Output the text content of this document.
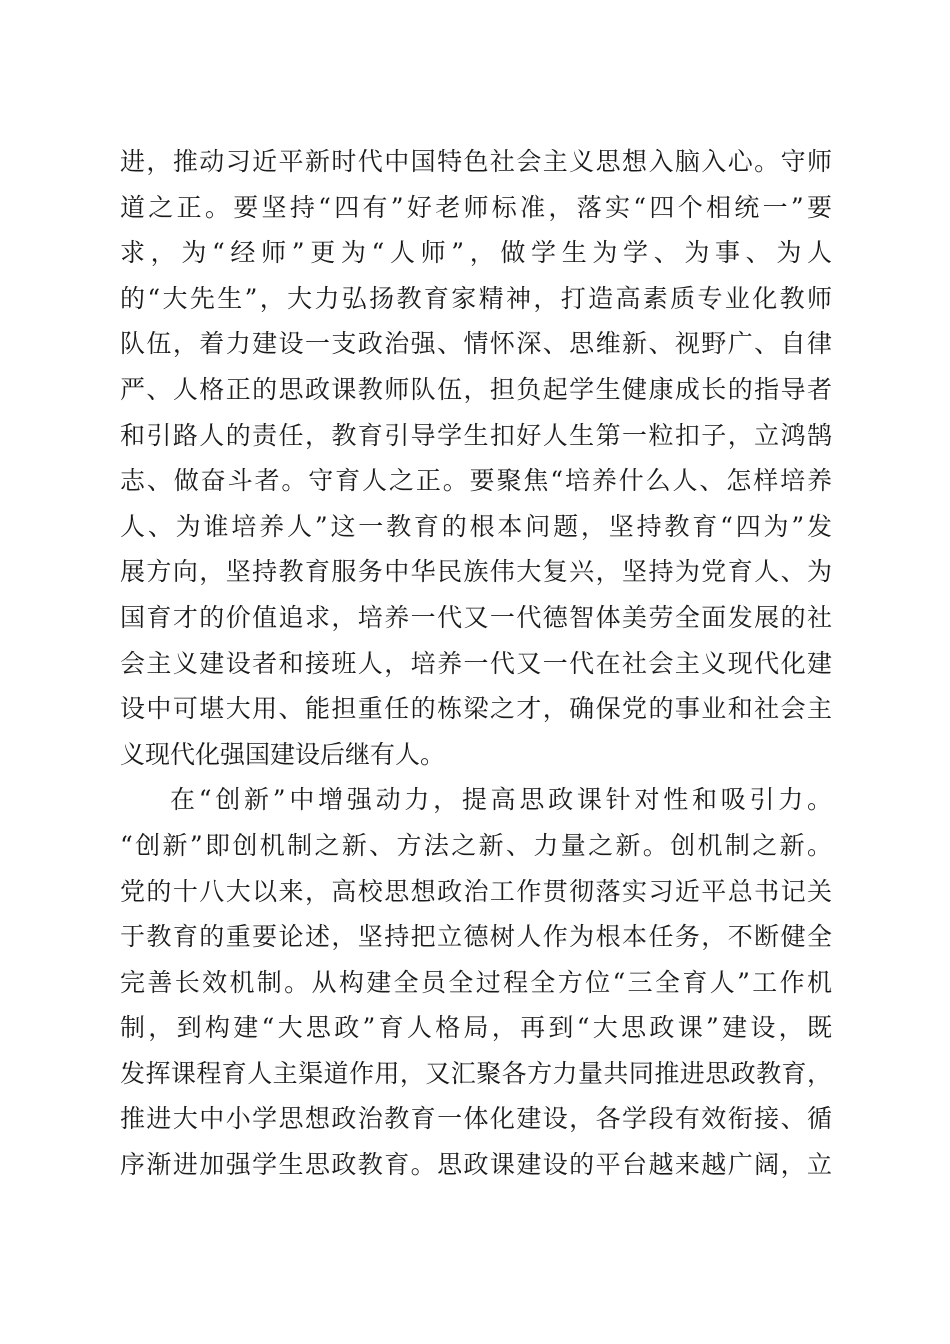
进，推动习近平新时代中国特色社会主义思想入脑入心。守师
道之正。要坚持“四有”好老师标准，落实“四个相统一”要
求，为“经师”更为“人师”，做学生为学、为事、为人
的“大先生”，大力弘扬教育家精神，打造高素质专业化教师
队伍，着力建设一支政治强、情怀深、思维新、视野广、自律
严、人格正的思政课教师队伍，担负起学生健康成长的指导者
和引路人的责任，教育引导学生扣好人生第一粒扣子，立鸿鹄
志、做奋斗者。守育人之正。要聚焦“培养什么人、怎样培养
人、为谁培养人”这一教育的根本问题，坚持教育“四为”发
展方向，坚持教育服务中华民族伟大复兴，坚持为党育人、为
国育才的价值追求，培养一代又一代德智体美劳全面发展的社
会主义建设者和接班人，培养一代又一代在社会主义现代化建
设中可堪大用、能担重任的栋梁之才，确保党的事业和社会主
义现代化强国建设后继有人。
在“创新”中增强动力，提高思政课针对性和吸引力。
“创新”即创机制之新、方法之新、力量之新。创机制之新。
党的十八大以来，高校思想政治工作贯彻落实习近平总书记关
于教育的重要论述，坚持把立德树人作为根本任务，不断健全
完善长效机制。从构建全员全过程全方位“三全育人”工作机
制，到构建“大思政”育人格局，再到“大思政课”建设，既
发挥课程育人主渠道作用，又汇聚各方力量共同推进思政教育，
推进大中小学思想政治教育一体化建设，各学段有效衔接、循
序渐进加强学生思政教育。思政课建设的平台越来越广阔，立
